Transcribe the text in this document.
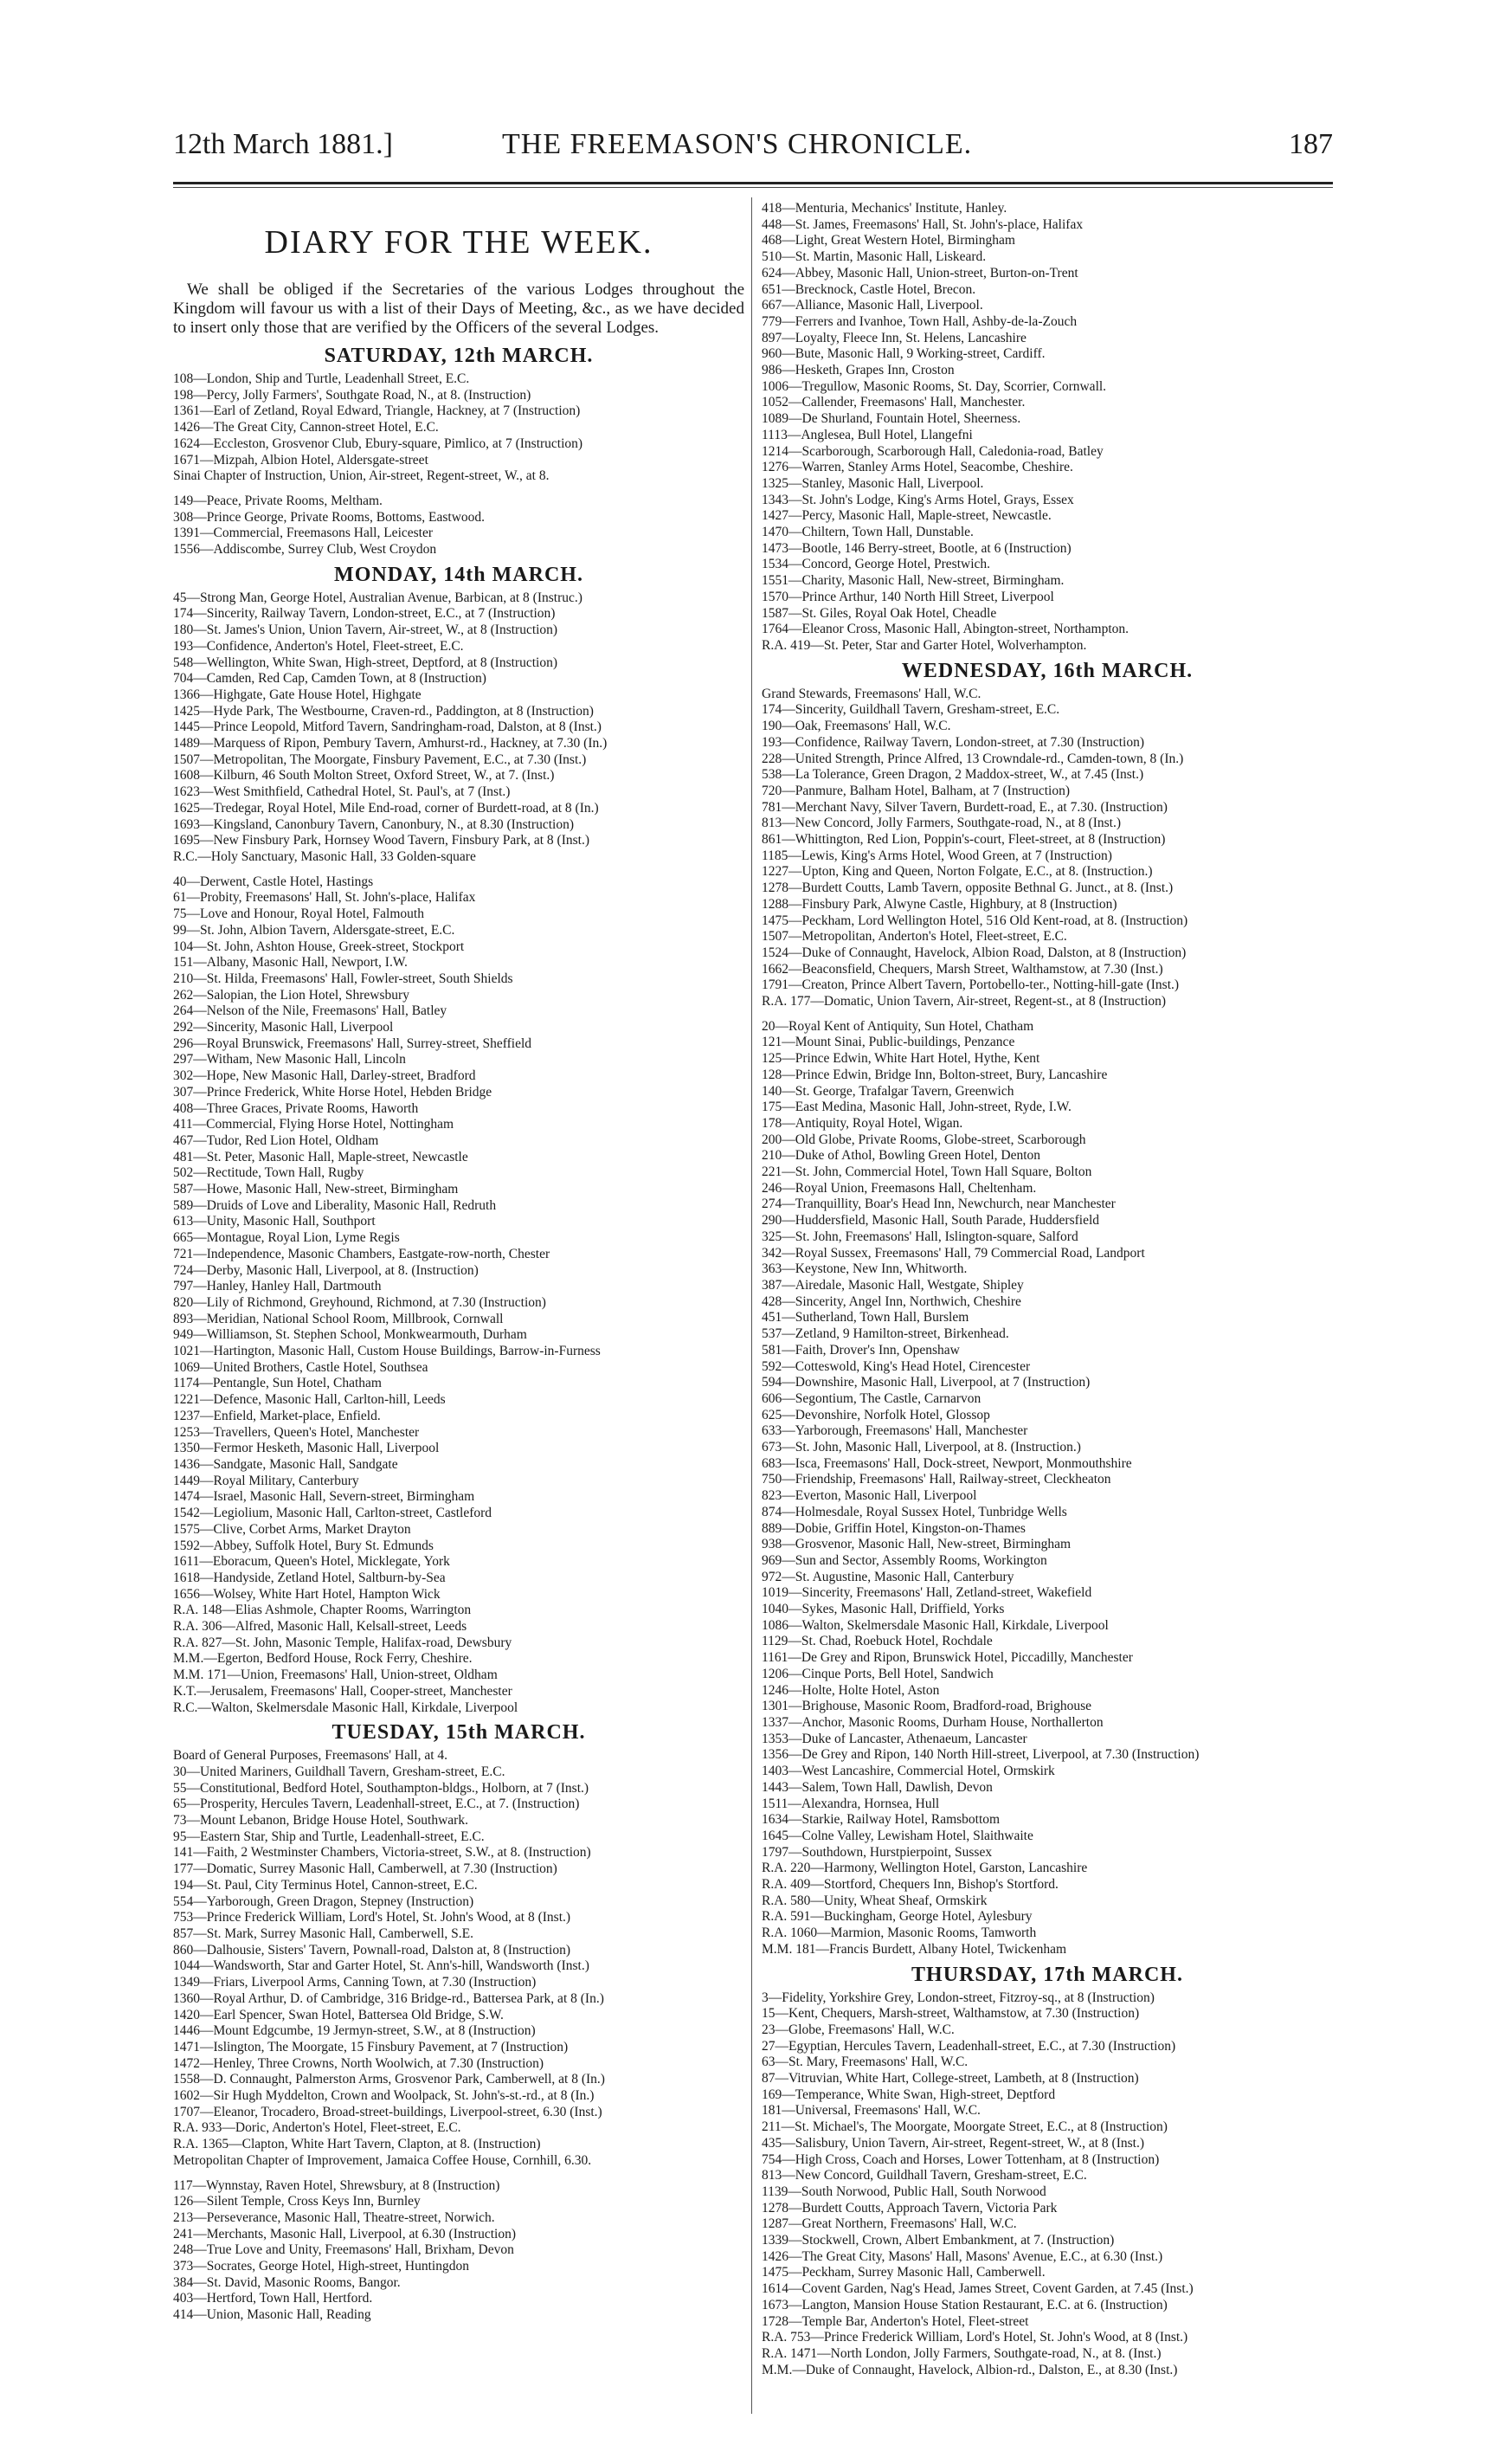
12th March 1881.]	THE FREEMASON'S CHRONICLE.	187
DIARY FOR THE WEEK.
We shall be obliged if the Secretaries of the various Lodges throughout the Kingdom will favour us with a list of their Days of Meeting, &c., as we have decided to insert only those that are verified by the Officers of the several Lodges.
SATURDAY, 12th MARCH.
108—London, Ship and Turtle, Leadenhall Street, E.C.
198—Percy, Jolly Farmers', Southgate Road, N., at 8. (Instruction)
1361—Earl of Zetland, Royal Edward, Triangle, Hackney, at 7 (Instruction)
1426—The Great City, Cannon-street Hotel, E.C.
1624—Eccleston, Grosvenor Club, Ebury-square, Pimlico, at 7 (Instruction)
1671—Mizpah, Albion Hotel, Aldersgate-street
Sinai Chapter of Instruction, Union, Air-street, Regent-street, W., at 8.
149—Peace, Private Rooms, Meltham.
308—Prince George, Private Rooms, Bottoms, Eastwood.
1391—Commercial, Freemasons Hall, Leicester
1556—Addiscombe, Surrey Club, West Croydon
MONDAY, 14th MARCH.
45—Strong Man, George Hotel, Australian Avenue, Barbican, at 8 (Instruc.)
174—Sincerity, Railway Tavern, London-street, E.C., at 7 (Instruction)
180—St. James's Union, Union Tavern, Air-street, W., at 8 (Instruction)
193—Confidence, Anderton's Hotel, Fleet-street, E.C.
548—Wellington, White Swan, High-street, Deptford, at 8 (Instruction)
704—Camden, Red Cap, Camden Town, at 8 (Instruction)
1366—Highgate, Gate House Hotel, Highgate
1425—Hyde Park, The Westbourne, Craven-rd., Paddington, at 8 (Instruction)
1445—Prince Leopold, Mitford Tavern, Sandringham-road, Dalston, at 8 (Inst.)
1489—Marquess of Ripon, Pembury Tavern, Amhurst-rd., Hackney, at 7.30 (In.)
1507—Metropolitan, The Moorgate, Finsbury Pavement, E.C., at 7.30 (Inst.)
1608—Kilburn, 46 South Molton Street, Oxford Street, W., at 7. (Inst.)
1623—West Smithfield, Cathedral Hotel, St. Paul's, at 7 (Inst.)
1625—Tredegar, Royal Hotel, Mile End-road, corner of Burdett-road, at 8 (In.)
1693—Kingsland, Canonbury Tavern, Canonbury, N., at 8.30 (Instruction)
1695—New Finsbury Park, Hornsey Wood Tavern, Finsbury Park, at 8 (Inst.)
R.C.—Holy Sanctuary, Masonic Hall, 33 Golden-square
40—Derwent, Castle Hotel, Hastings
61—Probity, Freemasons' Hall, St. John's-place, Halifax
75—Love and Honour, Royal Hotel, Falmouth
99—St. John, Albion Tavern, Aldersgate-street, E.C.
104—St. John, Ashton House, Greek-street, Stockport
151—Albany, Masonic Hall, Newport, I.W.
210—St. Hilda, Freemasons' Hall, Fowler-street, South Shields
262—Salopian, the Lion Hotel, Shrewsbury
264—Nelson of the Nile, Freemasons' Hall, Batley
292—Sincerity, Masonic Hall, Liverpool
296—Royal Brunswick, Freemasons' Hall, Surrey-street, Sheffield
297—Witham, New Masonic Hall, Lincoln
302—Hope, New Masonic Hall, Darley-street, Bradford
307—Prince Frederick, White Horse Hotel, Hebden Bridge
408—Three Graces, Private Rooms, Haworth
411—Commercial, Flying Horse Hotel, Nottingham
467—Tudor, Red Lion Hotel, Oldham
481—St. Peter, Masonic Hall, Maple-street, Newcastle
502—Rectitude, Town Hall, Rugby
587—Howe, Masonic Hall, New-street, Birmingham
589—Druids of Love and Liberality, Masonic Hall, Redruth
613—Unity, Masonic Hall, Southport
665—Montague, Royal Lion, Lyme Regis
721—Independence, Masonic Chambers, Eastgate-row-north, Chester
724—Derby, Masonic Hall, Liverpool, at 8. (Instruction)
797—Hanley, Hanley Hall, Dartmouth
820—Lily of Richmond, Greyhound, Richmond, at 7.30 (Instruction)
893—Meridian, National School Room, Millbrook, Cornwall
949—Williamson, St. Stephen School, Monkwearmouth, Durham
1021—Hartington, Masonic Hall, Custom House Buildings, Barrow-in-Furness
1069—United Brothers, Castle Hotel, Southsea
1174—Pentangle, Sun Hotel, Chatham
1221—Defence, Masonic Hall, Carlton-hill, Leeds
1237—Enfield, Market-place, Enfield.
1253—Travellers, Queen's Hotel, Manchester
1350—Fermor Hesketh, Masonic Hall, Liverpool
1436—Sandgate, Masonic Hall, Sandgate
1449—Royal Military, Canterbury
1474—Israel, Masonic Hall, Severn-street, Birmingham
1542—Legiolium, Masonic Hall, Carlton-street, Castleford
1575—Clive, Corbet Arms, Market Drayton
1592—Abbey, Suffolk Hotel, Bury St. Edmunds
1611—Eboracum, Queen's Hotel, Micklegate, York
1618—Handyside, Zetland Hotel, Saltburn-by-Sea
1656—Wolsey, White Hart Hotel, Hampton Wick
R.A. 148—Elias Ashmole, Chapter Rooms, Warrington
R.A. 306—Alfred, Masonic Hall, Kelsall-street, Leeds
R.A. 827—St. John, Masonic Temple, Halifax-road, Dewsbury
M.M.—Egerton, Bedford House, Rock Ferry, Cheshire.
M.M. 171—Union, Freemasons' Hall, Union-street, Oldham
K.T.—Jerusalem, Freemasons' Hall, Cooper-street, Manchester
R.C.—Walton, Skelmersdale Masonic Hall, Kirkdale, Liverpool
TUESDAY, 15th MARCH.
Board of General Purposes, Freemasons' Hall, at 4.
30—United Mariners, Guildhall Tavern, Gresham-street, E.C.
55—Constitutional, Bedford Hotel, Southampton-bldgs., Holborn, at 7 (Inst.)
65—Prosperity, Hercules Tavern, Leadenhall-street, E.C., at 7. (Instruction)
73—Mount Lebanon, Bridge House Hotel, Southwark.
95—Eastern Star, Ship and Turtle, Leadenhall-street, E.C.
141—Faith, 2 Westminster Chambers, Victoria-street, S.W., at 8. (Instruction)
177—Domatic, Surrey Masonic Hall, Camberwell, at 7.30 (Instruction)
194—St. Paul, City Terminus Hotel, Cannon-street, E.C.
554—Yarborough, Green Dragon, Stepney (Instruction)
753—Prince Frederick William, Lord's Hotel, St. John's Wood, at 8 (Inst.)
857—St. Mark, Surrey Masonic Hall, Camberwell, S.E.
860—Dalhousie, Sisters' Tavern, Pownall-road, Dalston at, 8 (Instruction)
1044—Wandsworth, Star and Garter Hotel, St. Ann's-hill, Wandsworth (Inst.)
1349—Friars, Liverpool Arms, Canning Town, at 7.30 (Instruction)
1360—Royal Arthur, D. of Cambridge, 316 Bridge-rd., Battersea Park, at 8 (In.)
1420—Earl Spencer, Swan Hotel, Battersea Old Bridge, S.W.
1446—Mount Edgcumbe, 19 Jermyn-street, S.W., at 8 (Instruction)
1471—Islington, The Moorgate, 15 Finsbury Pavement, at 7 (Instruction)
1472—Henley, Three Crowns, North Woolwich, at 7.30 (Instruction)
1558—D. Connaught, Palmerston Arms, Grosvenor Park, Camberwell, at 8 (In.)
1602—Sir Hugh Myddelton, Crown and Woolpack, St. John's-st.-rd., at 8 (In.)
1707—Eleanor, Trocadero, Broad-street-buildings, Liverpool-street, 6.30 (Inst.)
R.A. 933—Doric, Anderton's Hotel, Fleet-street, E.C.
R.A. 1365—Clapton, White Hart Tavern, Clapton, at 8. (Instruction)
Metropolitan Chapter of Improvement, Jamaica Coffee House, Cornhill, 6.30.
117—Wynnstay, Raven Hotel, Shrewsbury, at 8 (Instruction)
126—Silent Temple, Cross Keys Inn, Burnley
213—Perseverance, Masonic Hall, Theatre-street, Norwich.
241—Merchants, Masonic Hall, Liverpool, at 6.30 (Instruction)
248—True Love and Unity, Freemasons' Hall, Brixham, Devon
373—Socrates, George Hotel, High-street, Huntingdon
384—St. David, Masonic Rooms, Bangor.
403—Hertford, Town Hall, Hertford.
414—Union, Masonic Hall, Reading
418—Menturia, Mechanics' Institute, Hanley.
448—St. James, Freemasons' Hall, St. John's-place, Halifax
468—Light, Great Western Hotel, Birmingham
510—St. Martin, Masonic Hall, Liskeard.
624—Abbey, Masonic Hall, Union-street, Burton-on-Trent
651—Brecknock, Castle Hotel, Brecon.
667—Alliance, Masonic Hall, Liverpool.
779—Ferrers and Ivanhoe, Town Hall, Ashby-de-la-Zouch
897—Loyalty, Fleece Inn, St. Helens, Lancashire
960—Bute, Masonic Hall, 9 Working-street, Cardiff.
986—Hesketh, Grapes Inn, Croston
1006—Tregullow, Masonic Rooms, St. Day, Scorrier, Cornwall.
1052—Callender, Freemasons' Hall, Manchester.
1089—De Shurland, Fountain Hotel, Sheerness.
1113—Anglesea, Bull Hotel, Llangefni
1214—Scarborough, Scarborough Hall, Caledonia-road, Batley
1276—Warren, Stanley Arms Hotel, Seacombe, Cheshire.
1325—Stanley, Masonic Hall, Liverpool.
1343—St. John's Lodge, King's Arms Hotel, Grays, Essex
1427—Percy, Masonic Hall, Maple-street, Newcastle.
1470—Chiltern, Town Hall, Dunstable.
1473—Bootle, 146 Berry-street, Bootle, at 6 (Instruction)
1534—Concord, George Hotel, Prestwich.
1551—Charity, Masonic Hall, New-street, Birmingham.
1570—Prince Arthur, 140 North Hill Street, Liverpool
1587—St. Giles, Royal Oak Hotel, Cheadle
1764—Eleanor Cross, Masonic Hall, Abington-street, Northampton.
R.A. 419—St. Peter, Star and Garter Hotel, Wolverhampton.
WEDNESDAY, 16th MARCH.
Grand Stewards, Freemasons' Hall, W.C.
174—Sincerity, Guildhall Tavern, Gresham-street, E.C.
190—Oak, Freemasons' Hall, W.C.
193—Confidence, Railway Tavern, London-street, at 7.30 (Instruction)
228—United Strength, Prince Alfred, 13 Crowndale-rd., Camden-town, 8 (In.)
538—La Tolerance, Green Dragon, 2 Maddox-street, W., at 7.45 (Inst.)
720—Panmure, Balham Hotel, Balham, at 7 (Instruction)
781—Merchant Navy, Silver Tavern, Burdett-road, E., at 7.30. (Instruction)
813—New Concord, Jolly Farmers, Southgate-road, N., at 8 (Inst.)
861—Whittington, Red Lion, Poppin's-court, Fleet-street, at 8 (Instruction)
1185—Lewis, King's Arms Hotel, Wood Green, at 7 (Instruction)
1227—Upton, King and Queen, Norton Folgate, E.C., at 8. (Instruction.)
1278—Burdett Coutts, Lamb Tavern, opposite Bethnal G. Junct., at 8. (Inst.)
1288—Finsbury Park, Alwyne Castle, Highbury, at 8 (Instruction)
1475—Peckham, Lord Wellington Hotel, 516 Old Kent-road, at 8. (Instruction)
1507—Metropolitan, Anderton's Hotel, Fleet-street, E.C.
1524—Duke of Connaught, Havelock, Albion Road, Dalston, at 8 (Instruction)
1662—Beaconsfield, Chequers, Marsh Street, Walthamstow, at 7.30 (Inst.)
1791—Creaton, Prince Albert Tavern, Portobello-ter., Notting-hill-gate (Inst.)
R.A. 177—Domatic, Union Tavern, Air-street, Regent-st., at 8 (Instruction)
20—Royal Kent of Antiquity, Sun Hotel, Chatham
121—Mount Sinai, Public-buildings, Penzance
125—Prince Edwin, White Hart Hotel, Hythe, Kent
128—Prince Edwin, Bridge Inn, Bolton-street, Bury, Lancashire
140—St. George, Trafalgar Tavern, Greenwich
175—East Medina, Masonic Hall, John-street, Ryde, I.W.
178—Antiquity, Royal Hotel, Wigan.
200—Old Globe, Private Rooms, Globe-street, Scarborough
210—Duke of Athol, Bowling Green Hotel, Denton
221—St. John, Commercial Hotel, Town Hall Square, Bolton
246—Royal Union, Freemasons Hall, Cheltenham.
274—Tranquillity, Boar's Head Inn, Newchurch, near Manchester
290—Huddersfield, Masonic Hall, South Parade, Huddersfield
325—St. John, Freemasons' Hall, Islington-square, Salford
342—Royal Sussex, Freemasons' Hall, 79 Commercial Road, Landport
363—Keystone, New Inn, Whitworth.
387—Airedale, Masonic Hall, Westgate, Shipley
428—Sincerity, Angel Inn, Northwich, Cheshire
451—Sutherland, Town Hall, Burslem
537—Zetland, 9 Hamilton-street, Birkenhead.
581—Faith, Drover's Inn, Openshaw
592—Cotteswold, King's Head Hotel, Cirencester
594—Downshire, Masonic Hall, Liverpool, at 7 (Instruction)
606—Segontium, The Castle, Carnarvon
625—Devonshire, Norfolk Hotel, Glossop
633—Yarborough, Freemasons' Hall, Manchester
673—St. John, Masonic Hall, Liverpool, at 8. (Instruction.)
683—Isca, Freemasons' Hall, Dock-street, Newport, Monmouthshire
750—Friendship, Freemasons' Hall, Railway-street, Cleckheaton
823—Everton, Masonic Hall, Liverpool
874—Holmesdale, Royal Sussex Hotel, Tunbridge Wells
889—Dobie, Griffin Hotel, Kingston-on-Thames
938—Grosvenor, Masonic Hall, New-street, Birmingham
969—Sun and Sector, Assembly Rooms, Workington
972—St. Augustine, Masonic Hall, Canterbury
1019—Sincerity, Freemasons' Hall, Zetland-street, Wakefield
1040—Sykes, Masonic Hall, Driffield, Yorks
1086—Walton, Skelmersdale Masonic Hall, Kirkdale, Liverpool
1129—St. Chad, Roebuck Hotel, Rochdale
1161—De Grey and Ripon, Brunswick Hotel, Piccadilly, Manchester
1206—Cinque Ports, Bell Hotel, Sandwich
1246—Holte, Holte Hotel, Aston
1301—Brighouse, Masonic Room, Bradford-road, Brighouse
1337—Anchor, Masonic Rooms, Durham House, Northallerton
1353—Duke of Lancaster, Athenaeum, Lancaster
1356—De Grey and Ripon, 140 North Hill-street, Liverpool, at 7.30 (Instruction)
1403—West Lancashire, Commercial Hotel, Ormskirk
1443—Salem, Town Hall, Dawlish, Devon
1511—Alexandra, Hornsea, Hull
1634—Starkie, Railway Hotel, Ramsbottom
1645—Colne Valley, Lewisham Hotel, Slaithwaite
1797—Southdown, Hurstpierpoint, Sussex
R.A. 220—Harmony, Wellington Hotel, Garston, Lancashire
R.A. 409—Stortford, Chequers Inn, Bishop's Stortford.
R.A. 580—Unity, Wheat Sheaf, Ormskirk
R.A. 591—Buckingham, George Hotel, Aylesbury
R.A. 1060—Marmion, Masonic Rooms, Tamworth
M.M. 181—Francis Burdett, Albany Hotel, Twickenham
THURSDAY, 17th MARCH.
3—Fidelity, Yorkshire Grey, London-street, Fitzroy-sq., at 8 (Instruction)
15—Kent, Chequers, Marsh-street, Walthamstow, at 7.30 (Instruction)
23—Globe, Freemasons' Hall, W.C.
27—Egyptian, Hercules Tavern, Leadenhall-street, E.C., at 7.30 (Instruction)
63—St. Mary, Freemasons' Hall, W.C.
87—Vitruvian, White Hart, College-street, Lambeth, at 8 (Instruction)
169—Temperance, White Swan, High-street, Deptford
181—Universal, Freemasons' Hall, W.C.
211—St. Michael's, The Moorgate, Moorgate Street, E.C., at 8 (Instruction)
435—Salisbury, Union Tavern, Air-street, Regent-street, W., at 8 (Inst.)
754—High Cross, Coach and Horses, Lower Tottenham, at 8 (Instruction)
813—New Concord, Guildhall Tavern, Gresham-street, E.C.
1139—South Norwood, Public Hall, South Norwood
1278—Burdett Coutts, Approach Tavern, Victoria Park
1287—Great Northern, Freemasons' Hall, W.C.
1339—Stockwell, Crown, Albert Embankment, at 7. (Instruction)
1426—The Great City, Masons' Hall, Masons' Avenue, E.C., at 6.30 (Inst.)
1475—Peckham, Surrey Masonic Hall, Camberwell.
1614—Covent Garden, Nag's Head, James Street, Covent Garden, at 7.45 (Inst.)
1673—Langton, Mansion House Station Restaurant, E.C. at 6. (Instruction)
1728—Temple Bar, Anderton's Hotel, Fleet-street
R.A. 753—Prince Frederick William, Lord's Hotel, St. John's Wood, at 8 (Inst.)
R.A. 1471—North London, Jolly Farmers, Southgate-road, N., at 8. (Inst.)
M.M.—Duke of Connaught, Havelock, Albion-rd., Dalston, E., at 8.30 (Inst.)
